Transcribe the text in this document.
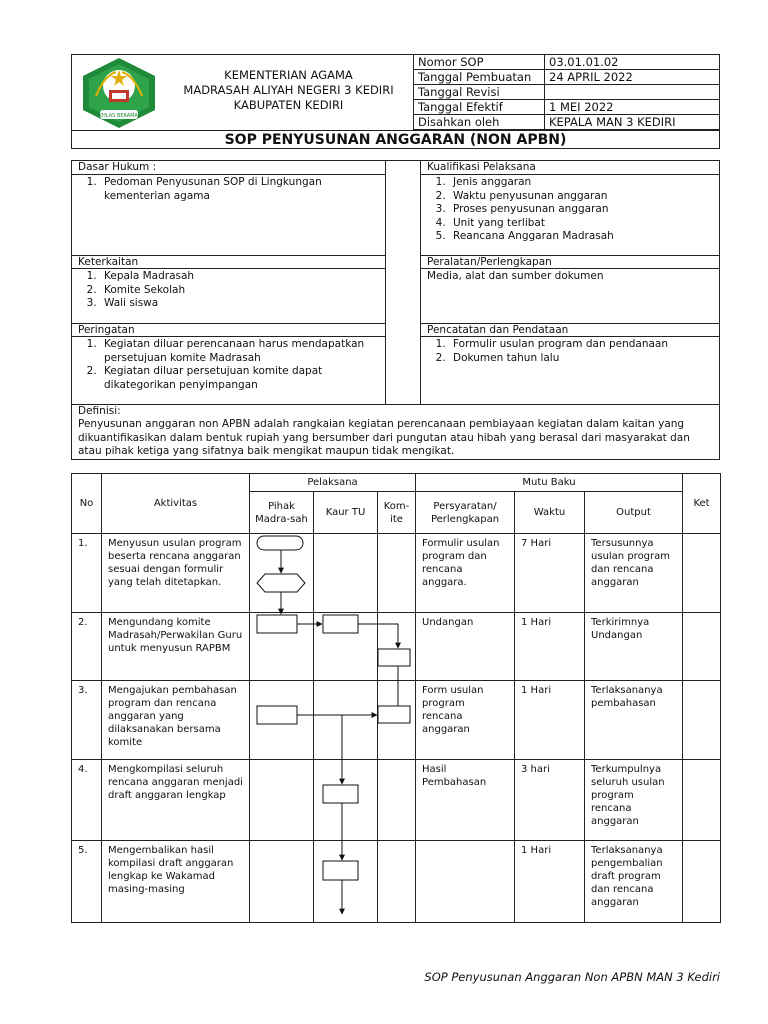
IKHLAS BERAMAL
KEMENTERIAN AGAMA
MADRASAH ALIYAH NEGERI 3 KEDIRI
KABUPATEN KEDIRI
Nomor SOP	03.01.01.02
Tanggal Pembuatan	24 APRIL 2022
Tanggal Revisi	
Tanggal Efektif	1 MEI 2022
Disahkan oleh	KEPALA MAN 3 KEDIRI
SOP PENYUSUNAN ANGGARAN (NON APBN)
Dasar Hukum :
1. Pedoman Penyusunan SOP di Lingkungan kementerian agama
Kualifikasi Pelaksana
1. Jenis anggaran
2. Waktu penyusunan anggaran
3. Proses penyusunan anggaran
4. Unit yang terlibat
5. Reancana Anggaran Madrasah
Keterkaitan
1. Kepala Madrasah
2. Komite Sekolah
3. Wali siswa
Peralatan/Perlengkapan
Media, alat dan sumber dokumen
Peringatan
1. Kegiatan diluar perencanaan harus mendapatkan persetujuan komite Madrasah
2. Kegiatan diluar persetujuan komite dapat dikategorikan penyimpangan
Pencatatan dan Pendataan
1. Formulir usulan program dan pendanaan
2. Dokumen tahun lalu
Definisi:
Penyusunan anggaran non APBN adalah rangkaian kegiatan perencanaan pembiayaan kegiatan dalam kaitan yang dikuantifikasikan dalam bentuk rupiah yang bersumber dari pungutan atau hibah yang berasal dari masyarakat dan atau pihak ketiga yang sifatnya baik mengikat maupun tidak mengikat.
No	Aktivitas	Pelaksana			Mutu Baku			Ket
		Pihak Madra-sah	Kaur TU	Kom-ite	Persyaratan/ Perlengkapan	Waktu	Output	
1.	Menyusun usulan program beserta rencana anggaran sesuai dengan formulir yang telah ditetapkan.				Formulir usulan program dan rencana anggara.	7 Hari	Tersusunnya usulan program dan rencana anggaran	
2.	Mengundang komite Madrasah/Perwakilan Guru untuk menyusun RAPBM				Undangan	1 Hari	Terkirimnya Undangan	
3.	Mengajukan pembahasan program dan rencana anggaran yang dilaksanakan bersama komite				Form usulan program rencana anggaran	1 Hari	Terlaksananya pembahasan	
4.	Mengkompilasi seluruh rencana anggaran menjadi draft anggaran lengkap				Hasil Pembahasan	3 hari	Terkumpulnya seluruh usulan program rencana anggaran	
5.	Mengembalikan hasil kompilasi draft anggaran lengkap ke Wakamad masing-masing					1 Hari	Terlaksananya pengembalian draft program dan rencana anggaran	
SOP Penyusunan Anggaran Non APBN MAN 3 Kediri
